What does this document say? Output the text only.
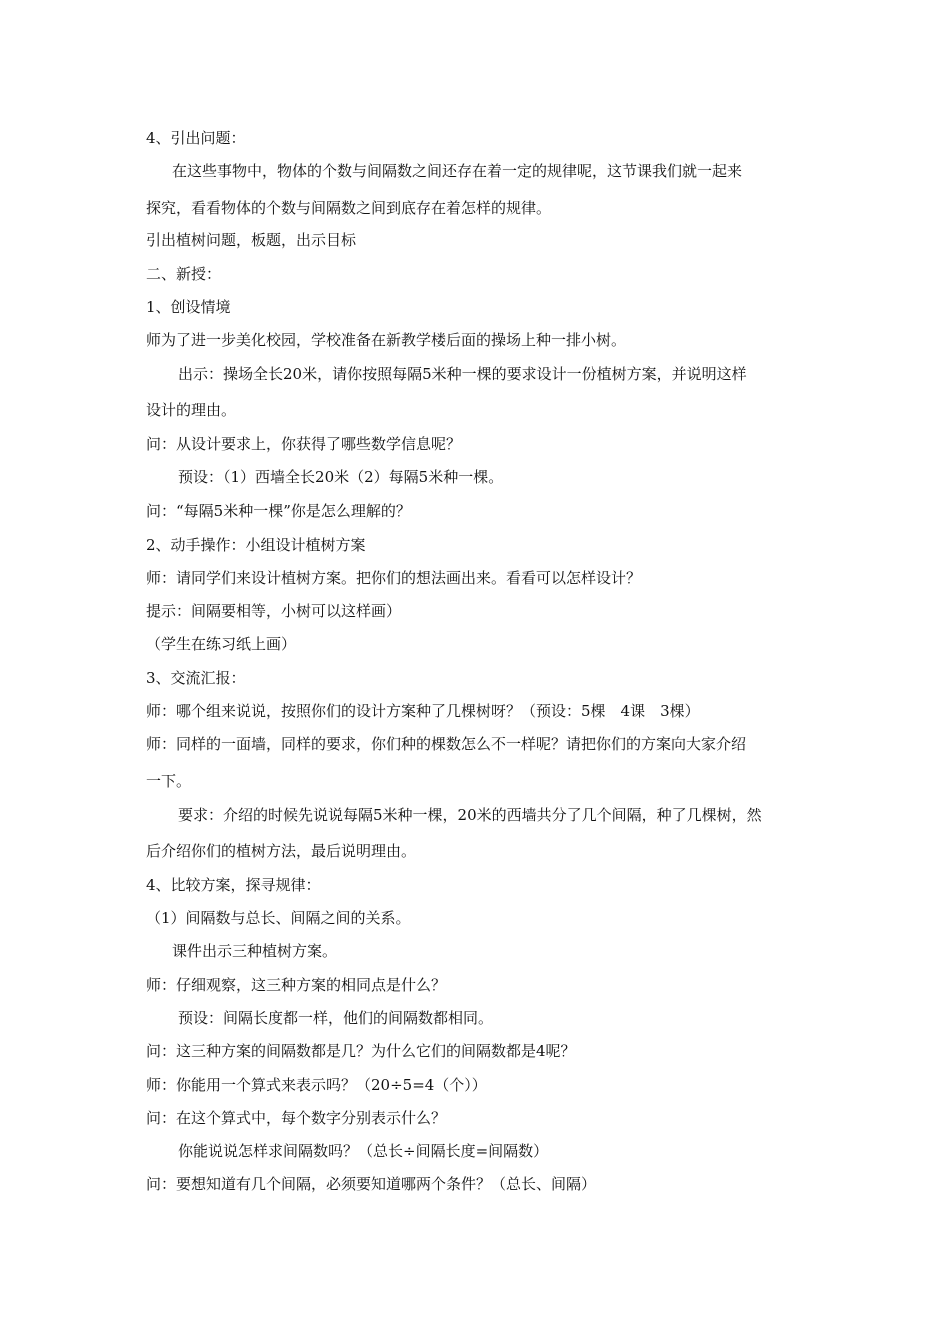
4、引出问题：
在这些事物中，物体的个数与间隔数之间还存在着一定的规律呢，这节课我们就一起来
探究，看看物体的个数与间隔数之间到底存在着怎样的规律。
引出植树问题，板题，出示目标
二、新授：
1、创设情境
师为了进一步美化校园，学校准备在新教学楼后面的操场上种一排小树。
出示：操场全长20米，请你按照每隔5米种一棵的要求设计一份植树方案，并说明这样
设计的理由。
问：从设计要求上，你获得了哪些数学信息呢？
预设：（1）西墙全长20米（2）每隔5米种一棵。
问：“每隔5米种一棵”你是怎么理解的？
2、动手操作：小组设计植树方案
师：请同学们来设计植树方案。把你们的想法画出来。看看可以怎样设计？
提示：间隔要相等，小树可以这样画）
（学生在练习纸上画）
3、交流汇报：
师：哪个组来说说，按照你们的设计方案种了几棵树呀？（预设：5棵　4课　3棵）
师：同样的一面墙，同样的要求，你们种的棵数怎么不一样呢？请把你们的方案向大家介绍
一下。
要求：介绍的时候先说说每隔5米种一棵，20米的西墙共分了几个间隔，种了几棵树，然
后介绍你们的植树方法，最后说明理由。
4、比较方案，探寻规律：
（1）间隔数与总长、间隔之间的关系。
课件出示三种植树方案。
师：仔细观察，这三种方案的相同点是什么？
预设：间隔长度都一样，他们的间隔数都相同。
问：这三种方案的间隔数都是几？为什么它们的间隔数都是4呢？
师：你能用一个算式来表示吗？（20÷5=4（个））
问：在这个算式中，每个数字分别表示什么？
你能说说怎样求间隔数吗？（总长÷间隔长度=间隔数）
问：要想知道有几个间隔，必须要知道哪两个条件？（总长、间隔）
